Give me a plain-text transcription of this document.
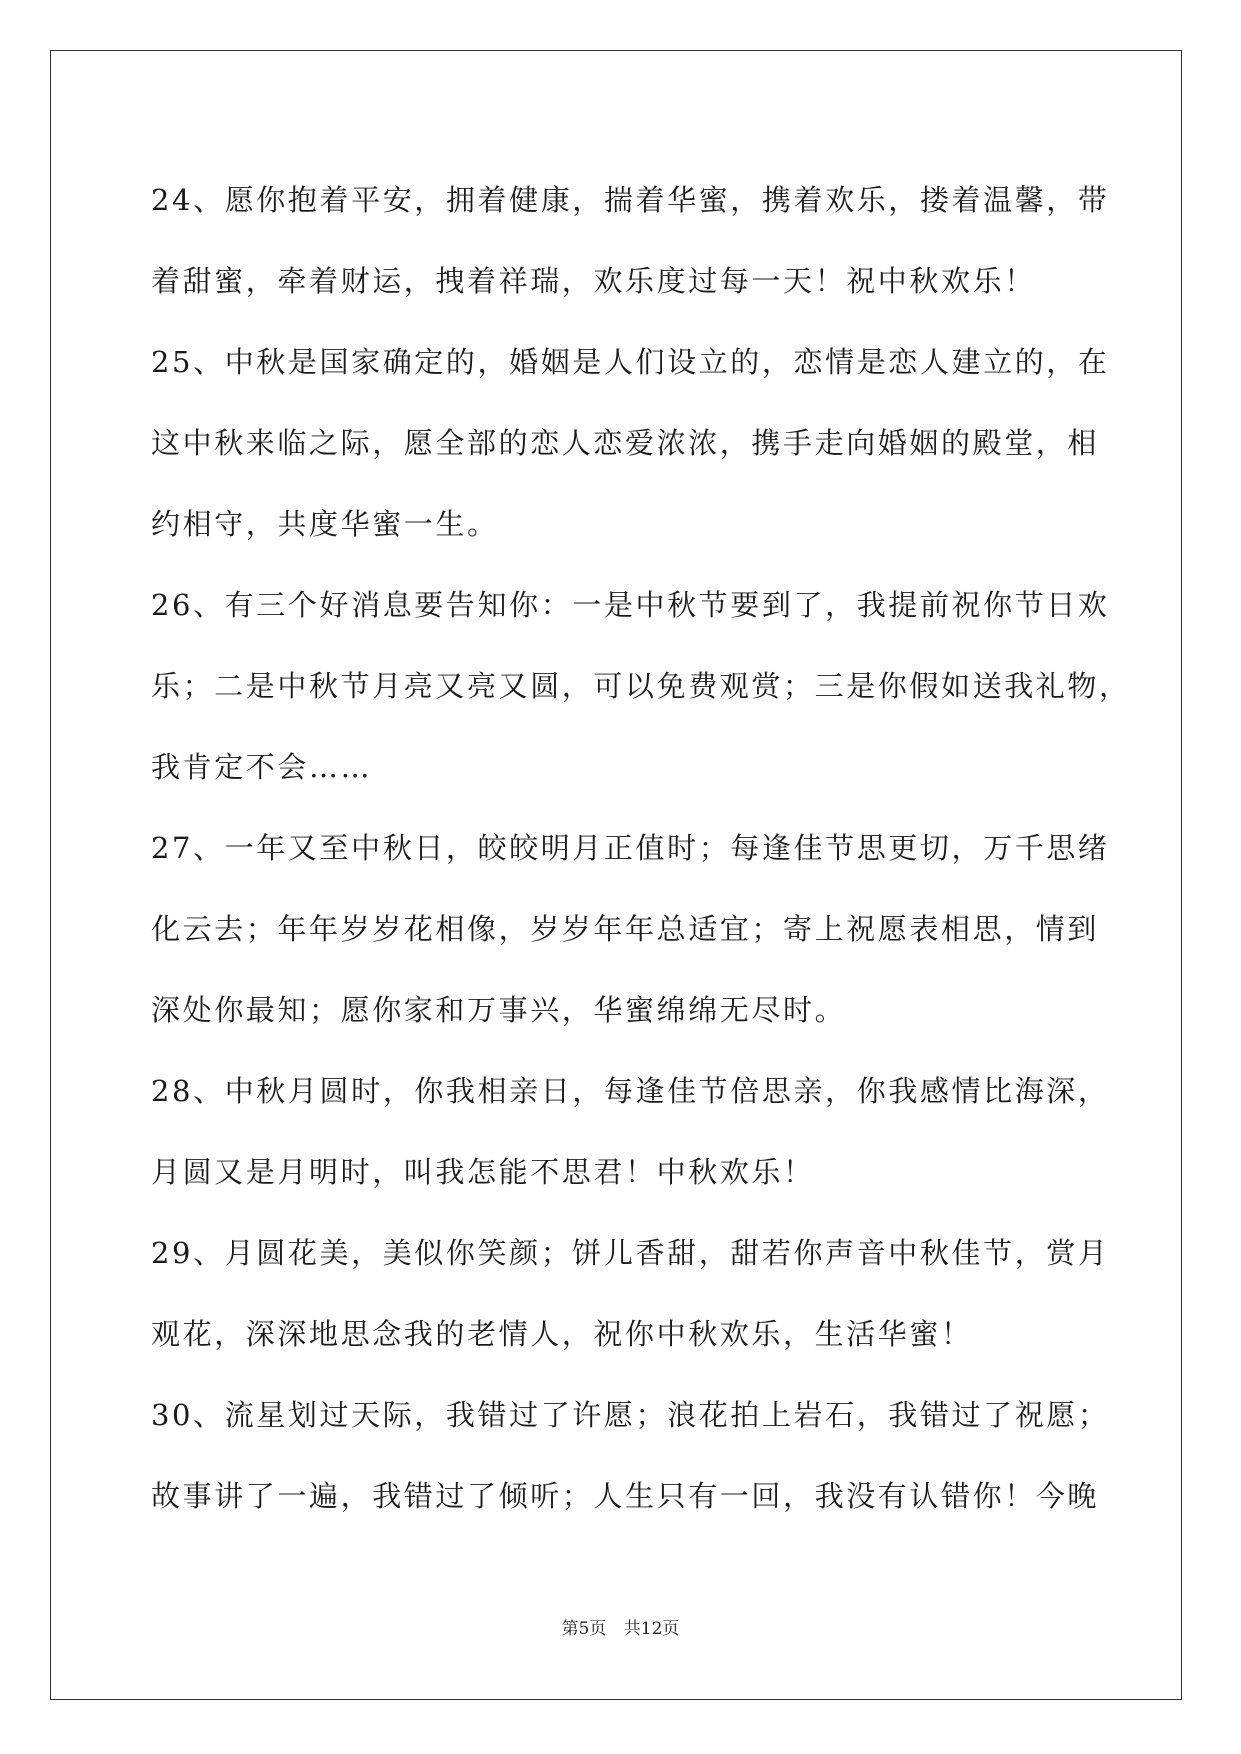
24、愿你抱着平安，拥着健康，揣着华蜜，携着欢乐，搂着温馨，带
着甜蜜，牵着财运，拽着祥瑞，欢乐度过每一天！祝中秋欢乐！
25、中秋是国家确定的，婚姻是人们设立的，恋情是恋人建立的，在
这中秋来临之际，愿全部的恋人恋爱浓浓，携手走向婚姻的殿堂，相
约相守，共度华蜜一生。
26、有三个好消息要告知你：一是中秋节要到了，我提前祝你节日欢
乐；二是中秋节月亮又亮又圆，可以免费观赏；三是你假如送我礼物，
我肯定不会……
27、一年又至中秋日，皎皎明月正值时；每逢佳节思更切，万千思绪
化云去；年年岁岁花相像，岁岁年年总适宜；寄上祝愿表相思，情到
深处你最知；愿你家和万事兴，华蜜绵绵无尽时。
28、中秋月圆时，你我相亲日，每逢佳节倍思亲，你我感情比海深，
月圆又是月明时，叫我怎能不思君！中秋欢乐！
29、月圆花美，美似你笑颜；饼儿香甜，甜若你声音中秋佳节，赏月
观花，深深地思念我的老情人，祝你中秋欢乐，生活华蜜！
30、流星划过天际，我错过了许愿；浪花拍上岩石，我错过了祝愿；
故事讲了一遍，我错过了倾听；人生只有一回，我没有认错你！今晚
第5页 共12页
